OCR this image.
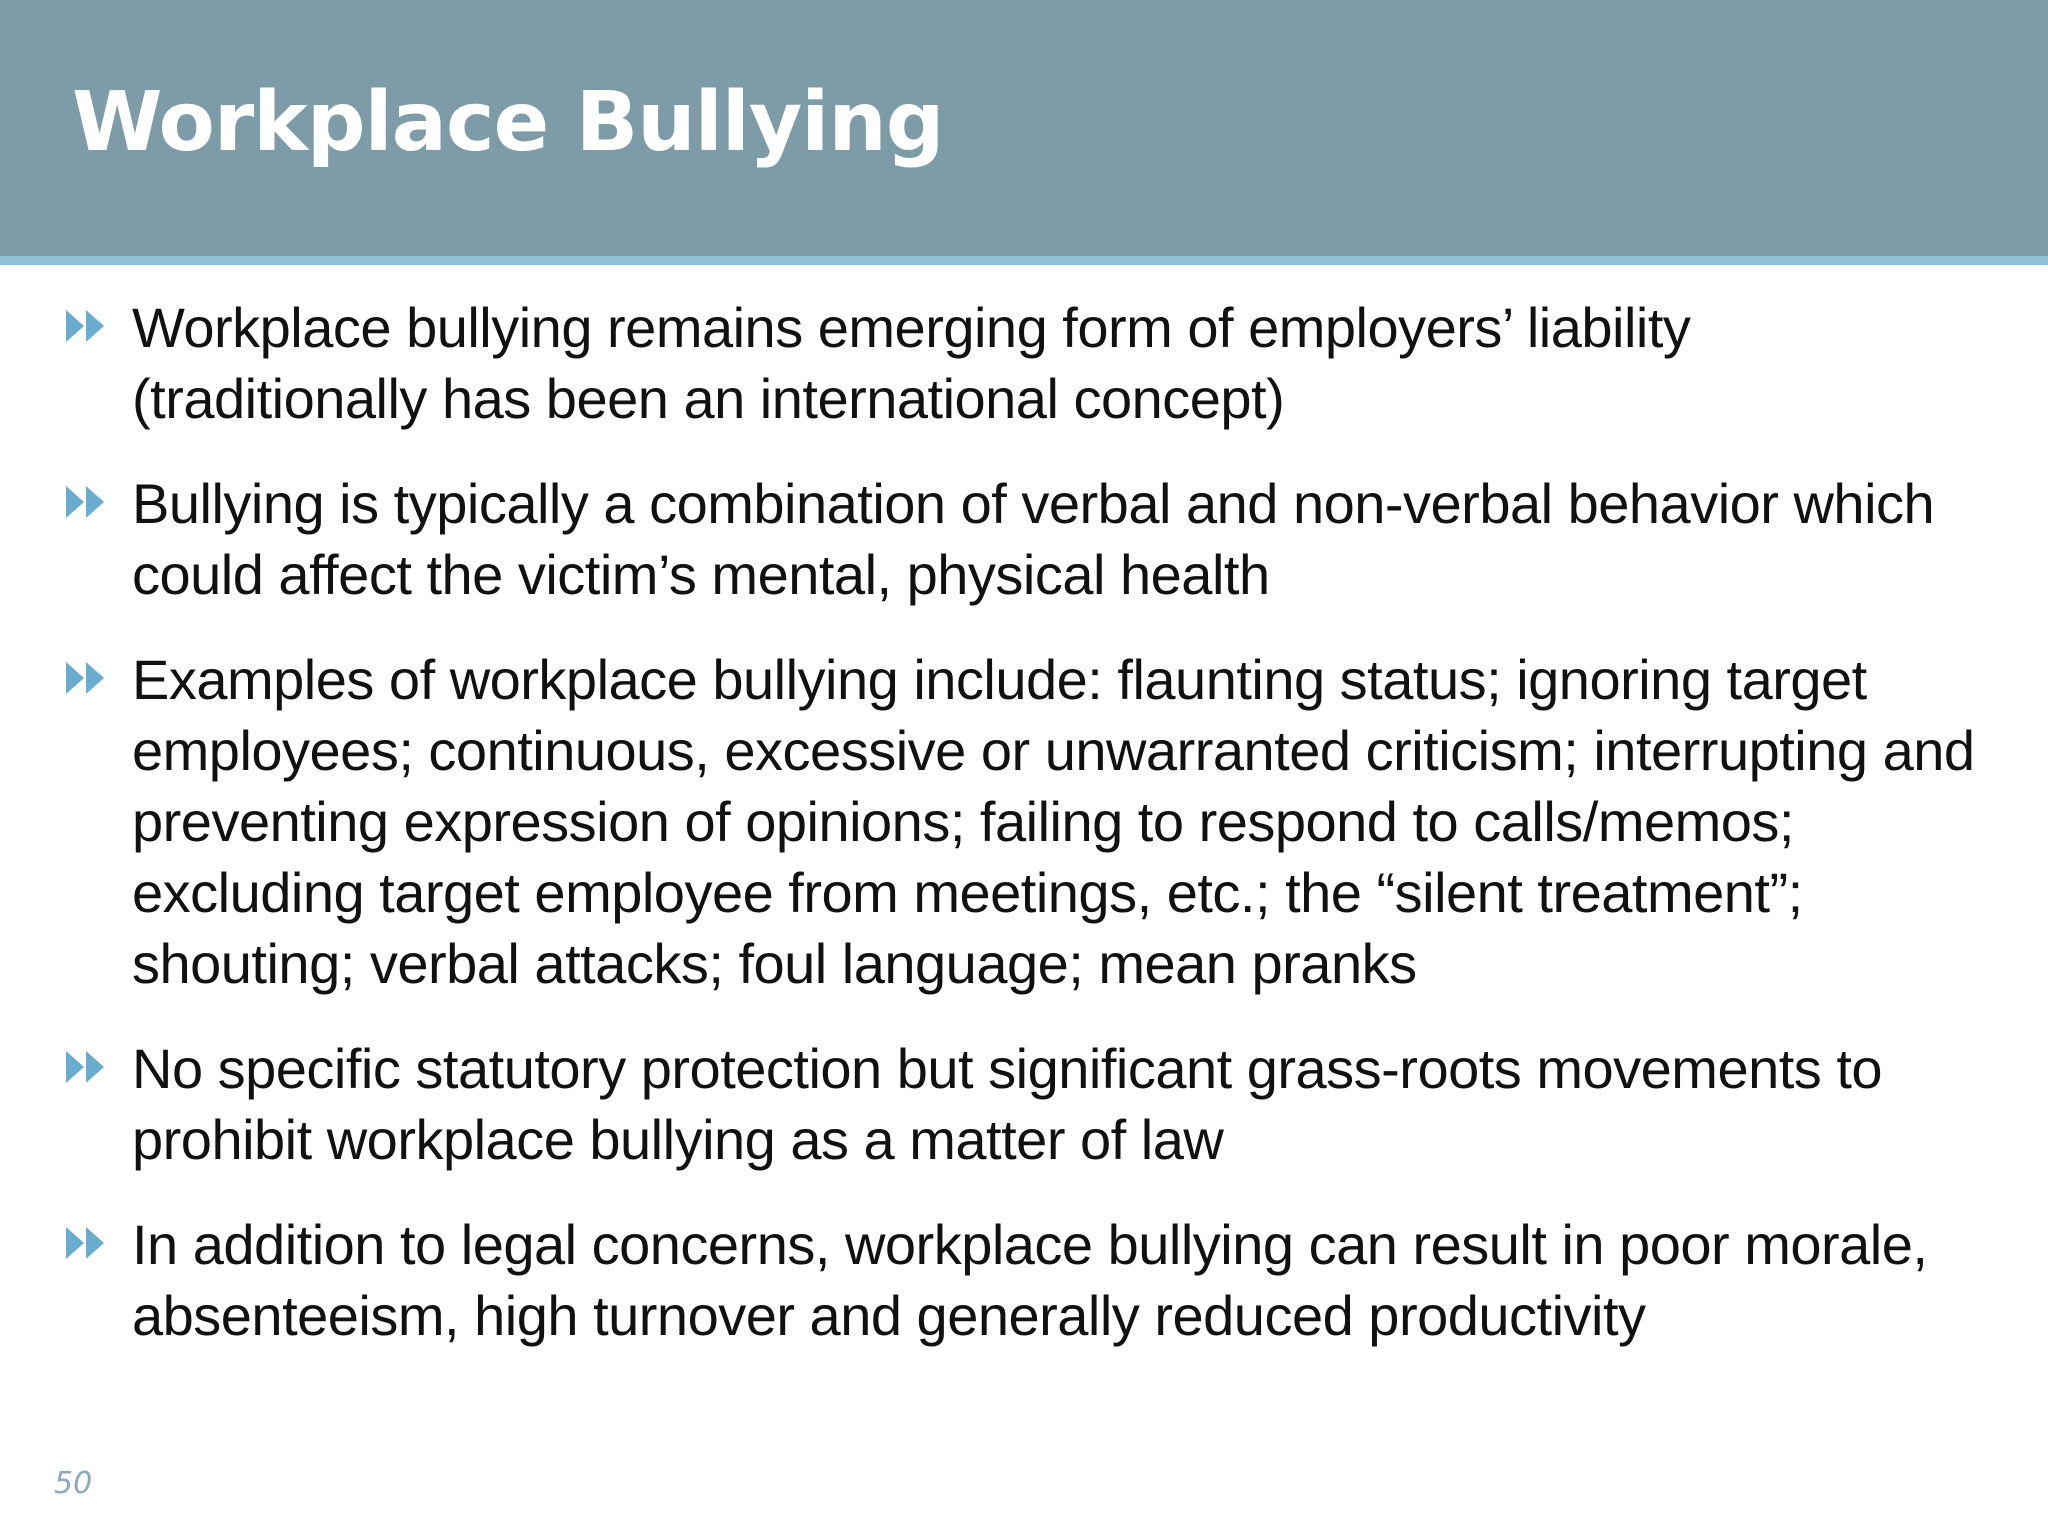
Workplace Bullying
Workplace bullying remains emerging form of employers’ liability (traditionally has been an international concept)
Bullying is typically a combination of verbal and non-verbal behavior which could affect the victim’s mental, physical health
Examples of workplace bullying include: flaunting status; ignoring target employees; continuous, excessive or unwarranted criticism; interrupting and preventing expression of opinions; failing to respond to calls/memos; excluding target employee from meetings, etc.; the “silent treatment”; shouting; verbal attacks; foul language; mean pranks
No specific statutory protection but significant grass-roots movements to prohibit workplace bullying as a matter of law
In addition to legal concerns, workplace bullying can result in poor morale, absenteeism, high turnover and generally reduced productivity
50
